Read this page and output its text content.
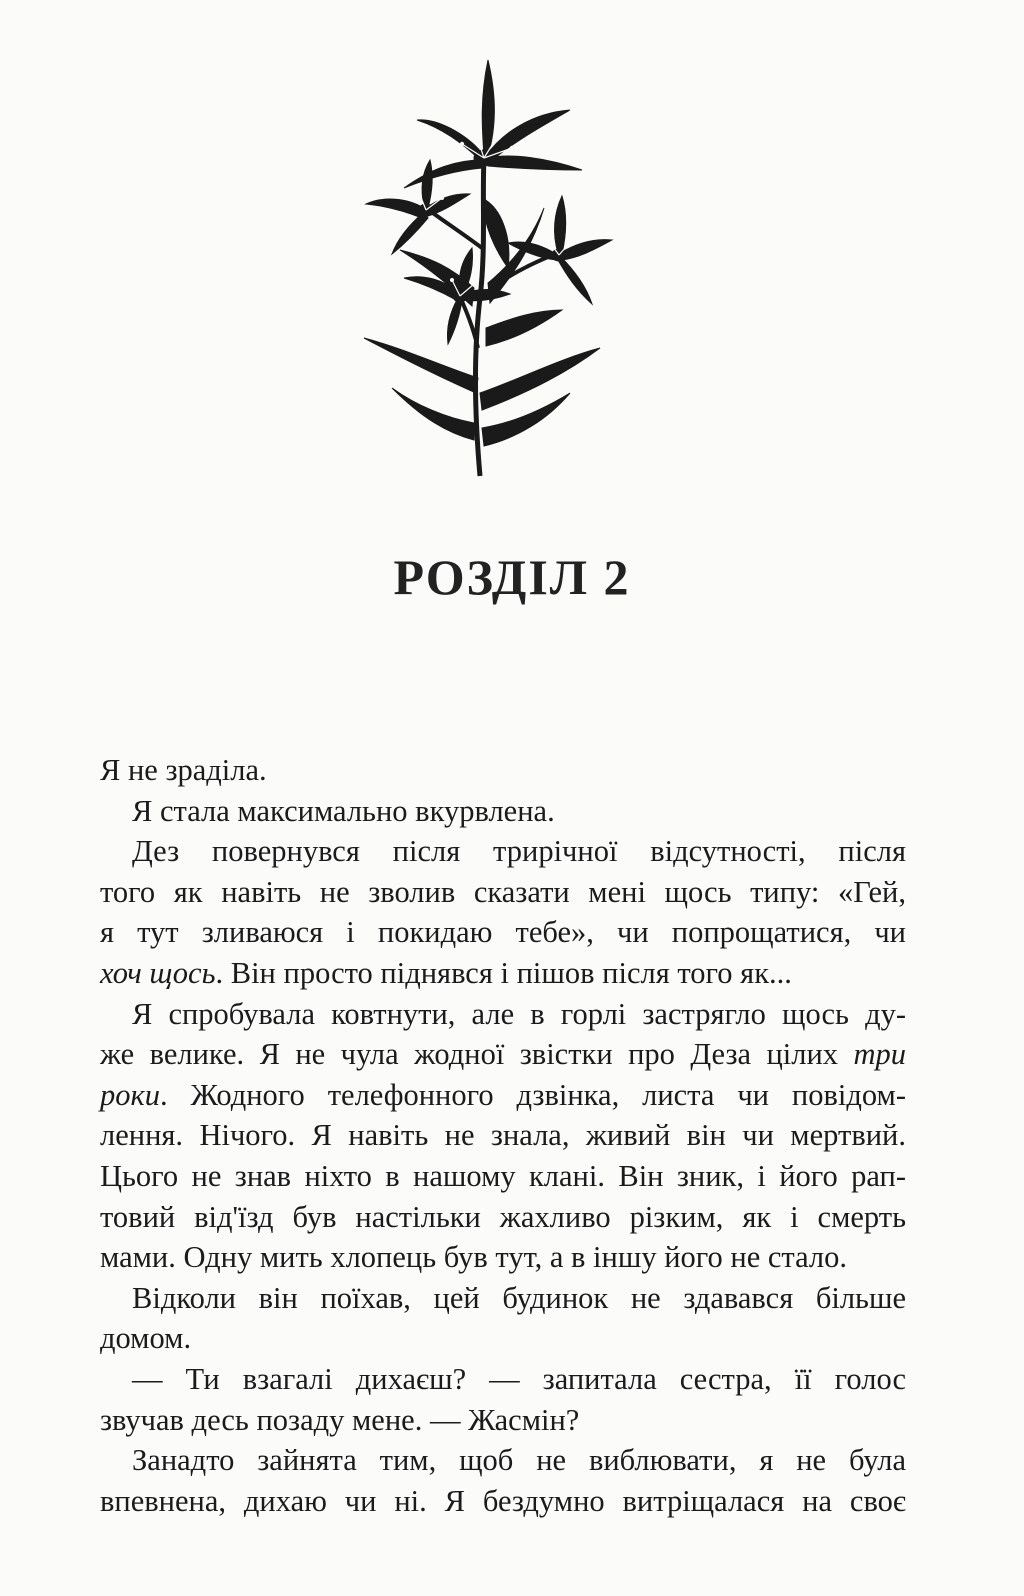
РОЗДІЛ 2

Я не зраділа.

Я стала максимально вкурвлена.

Дез повернувся після трирічної відсутності, після
того як навіть не зволив сказати мені щось типу: «Гей,
я тут зливаюся і покидаю тебе», чи попрощатися, чи
хоч щось. Він просто піднявся і пішов після того як...
Я спробувала ковтнути, але в горлі застрягло щось ду-
же велике. Я не чула жодної звістки про Деза цілих три
роки. Жодного телефонного дзвінка, листа чи повідом-
лення. Нічого. Я навіть не знала, живий він чи мертвий.
Цього не знав ніхто в нашому клані. Він зник, і його рап-
товий від'їзд був настільки жахливо різким, як і смерть
мами. Одну мить хлопець був тут, а в іншу його не стало.
Відколи він поїхав, цей будинок не здавався більше
домом.
— Ти взагалі дихаєш? — запитала сестра, її голос
звучав десь позаду мене. — Жасмін?
Занадто зайнята тим, щоб не виблювати, я не була
впевнена, дихаю чи ні. Я бездумно витріщалася на своє
